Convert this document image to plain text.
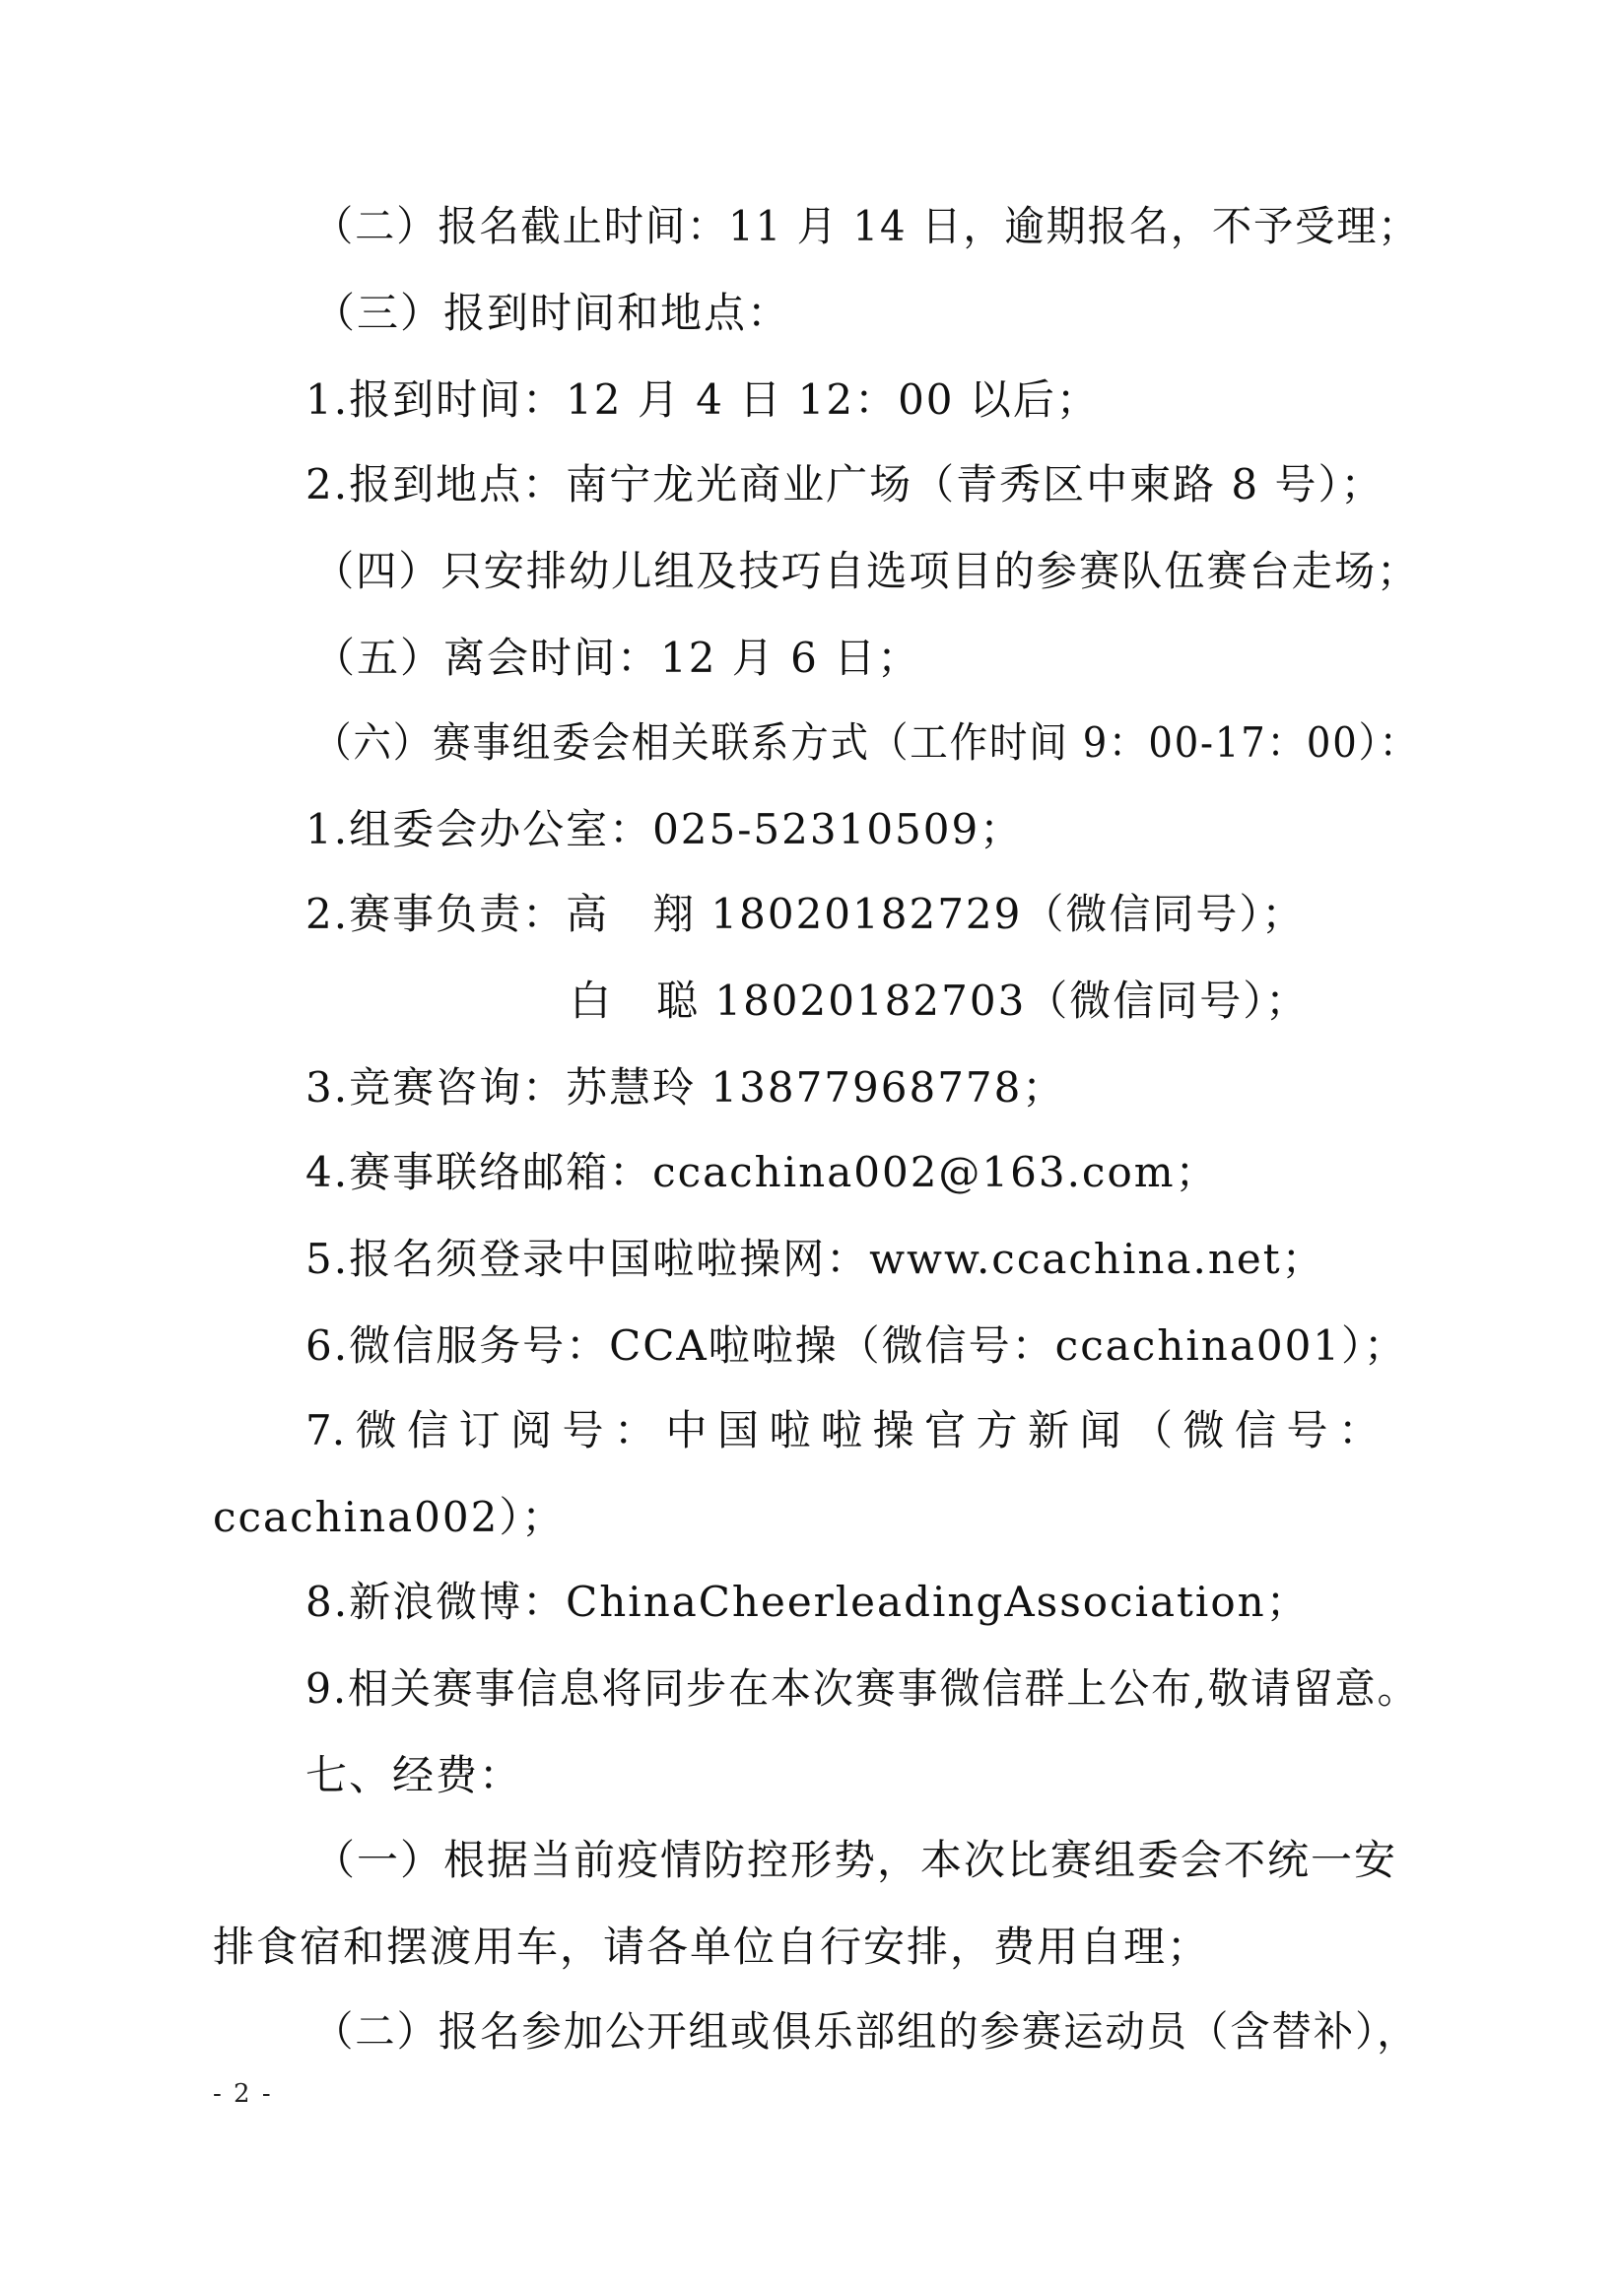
（二）报名截止时间：11 月 14 日，逾期报名，不予受理；
（三）报到时间和地点：
1.报到时间：12 月 4 日 12：00 以后；
2.报到地点：南宁龙光商业广场（青秀区中柬路 8 号）；
（四）只安排幼儿组及技巧自选项目的参赛队伍赛台走场；
（五）离会时间：12 月 6 日；
（六）赛事组委会相关联系方式（工作时间 9：00-17：00）：
1.组委会办公室：025-52310509；
2.赛事负责：高　翔 18020182729（微信同号）；
白　聪 18020182703（微信同号）；
3.竞赛咨询：苏慧玲 13877968778；
4.赛事联络邮箱：ccachina002@163.com；
5.报名须登录中国啦啦操网：www.ccachina.net；
6.微信服务号：CCA啦啦操（微信号：ccachina001）；
7.微信订阅号：中国啦啦操官方新闻（微信号：
ccachina002）；
8.新浪微博：ChinaCheerleadingAssociation；
9.相关赛事信息将同步在本次赛事微信群上公布,敬请留意。
七、经费：
（一）根据当前疫情防控形势，本次比赛组委会不统一安
排食宿和摆渡用车，请各单位自行安排，费用自理；
（二）报名参加公开组或俱乐部组的参赛运动员（含替补），
- 2 -
